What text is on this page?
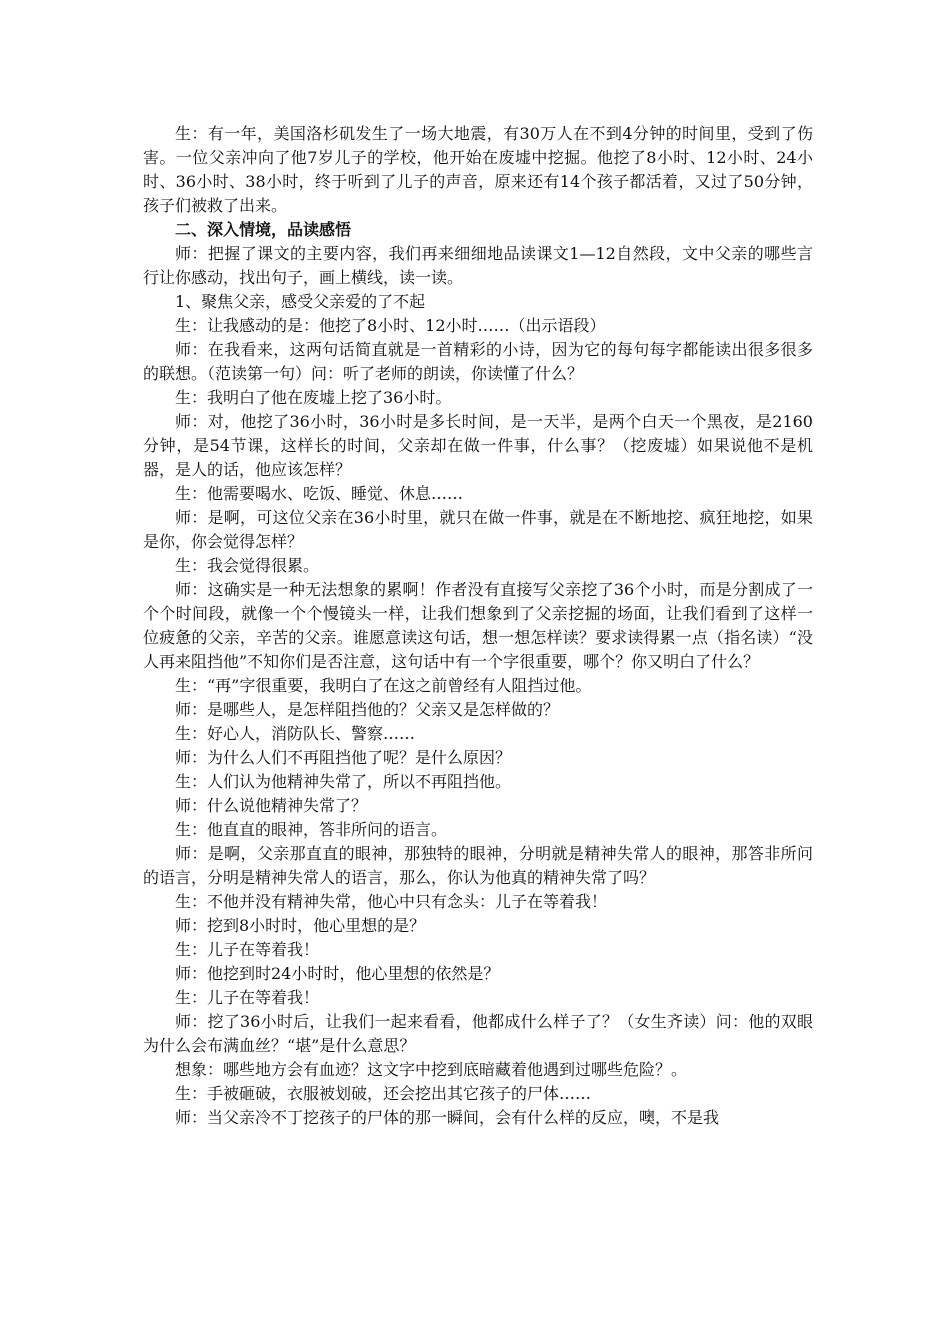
生：有一年，美国洛杉矶发生了一场大地震，有30万人在不到4分钟的时间里，受到了伤害。一位父亲冲向了他7岁儿子的学校，他开始在废墟中挖掘。他挖了8小时、12小时、24小时、36小时、38小时，终于听到了儿子的声音，原来还有14个孩子都活着，又过了50分钟，孩子们被救了出来。

二、深入情境，品读感悟

师：把握了课文的主要内容，我们再来细细地品读课文1—12自然段，文中父亲的哪些言行让你感动，找出句子，画上横线，读一读。

1、聚焦父亲，感受父亲爱的了不起

生：让我感动的是：他挖了8小时、12小时……（出示语段）

师：在我看来，这两句话简直就是一首精彩的小诗，因为它的每句每字都能读出很多很多的联想。（范读第一句）问：听了老师的朗读，你读懂了什么？

生：我明白了他在废墟上挖了36小时。

师：对，他挖了36小时，36小时是多长时间，是一天半，是两个白天一个黑夜，是2160分钟，是54节课，这样长的时间，父亲却在做一件事，什么事？（挖废墟）如果说他不是机器，是人的话，他应该怎样？

生：他需要喝水、吃饭、睡觉、休息……

师：是啊，可这位父亲在36小时里，就只在做一件事，就是在不断地挖、疯狂地挖，如果是你，你会觉得怎样？

生：我会觉得很累。

师：这确实是一种无法想象的累啊！作者没有直接写父亲挖了36个小时，而是分割成了一个个时间段，就像一个个慢镜头一样，让我们想象到了父亲挖掘的场面，让我们看到了这样一位疲惫的父亲，辛苦的父亲。谁愿意读这句话，想一想怎样读？要求读得累一点（指名读）“没人再来阻挡他”不知你们是否注意，这句话中有一个字很重要，哪个？你又明白了什么？

生：“再”字很重要，我明白了在这之前曾经有人阻挡过他。

师：是哪些人，是怎样阻挡他的？父亲又是怎样做的？

生：好心人，消防队长、警察……

师：为什么人们不再阻挡他了呢？是什么原因？

生：人们认为他精神失常了，所以不再阻挡他。

师：什么说他精神失常了？

生：他直直的眼神，答非所问的语言。

师：是啊，父亲那直直的眼神，那独特的眼神，分明就是精神失常人的眼神，那答非所问的语言，分明是精神失常人的语言，那么，你认为他真的精神失常了吗？

生：不他并没有精神失常，他心中只有念头：儿子在等着我！

师：挖到8小时时，他心里想的是？

生：儿子在等着我！

师：他挖到时24小时时，他心里想的依然是？

生：儿子在等着我！

师：挖了36小时后，让我们一起来看看，他都成什么样子了？（女生齐读）问：他的双眼为什么会布满血丝？“堪”是什么意思？

想象：哪些地方会有血迹？这文字中挖到底暗藏着他遇到过哪些危险？。

生：手被砸破，衣服被划破，还会挖出其它孩子的尸体……

师：当父亲冷不丁挖孩子的尸体的那一瞬间，会有什么样的反应，噢，不是我
